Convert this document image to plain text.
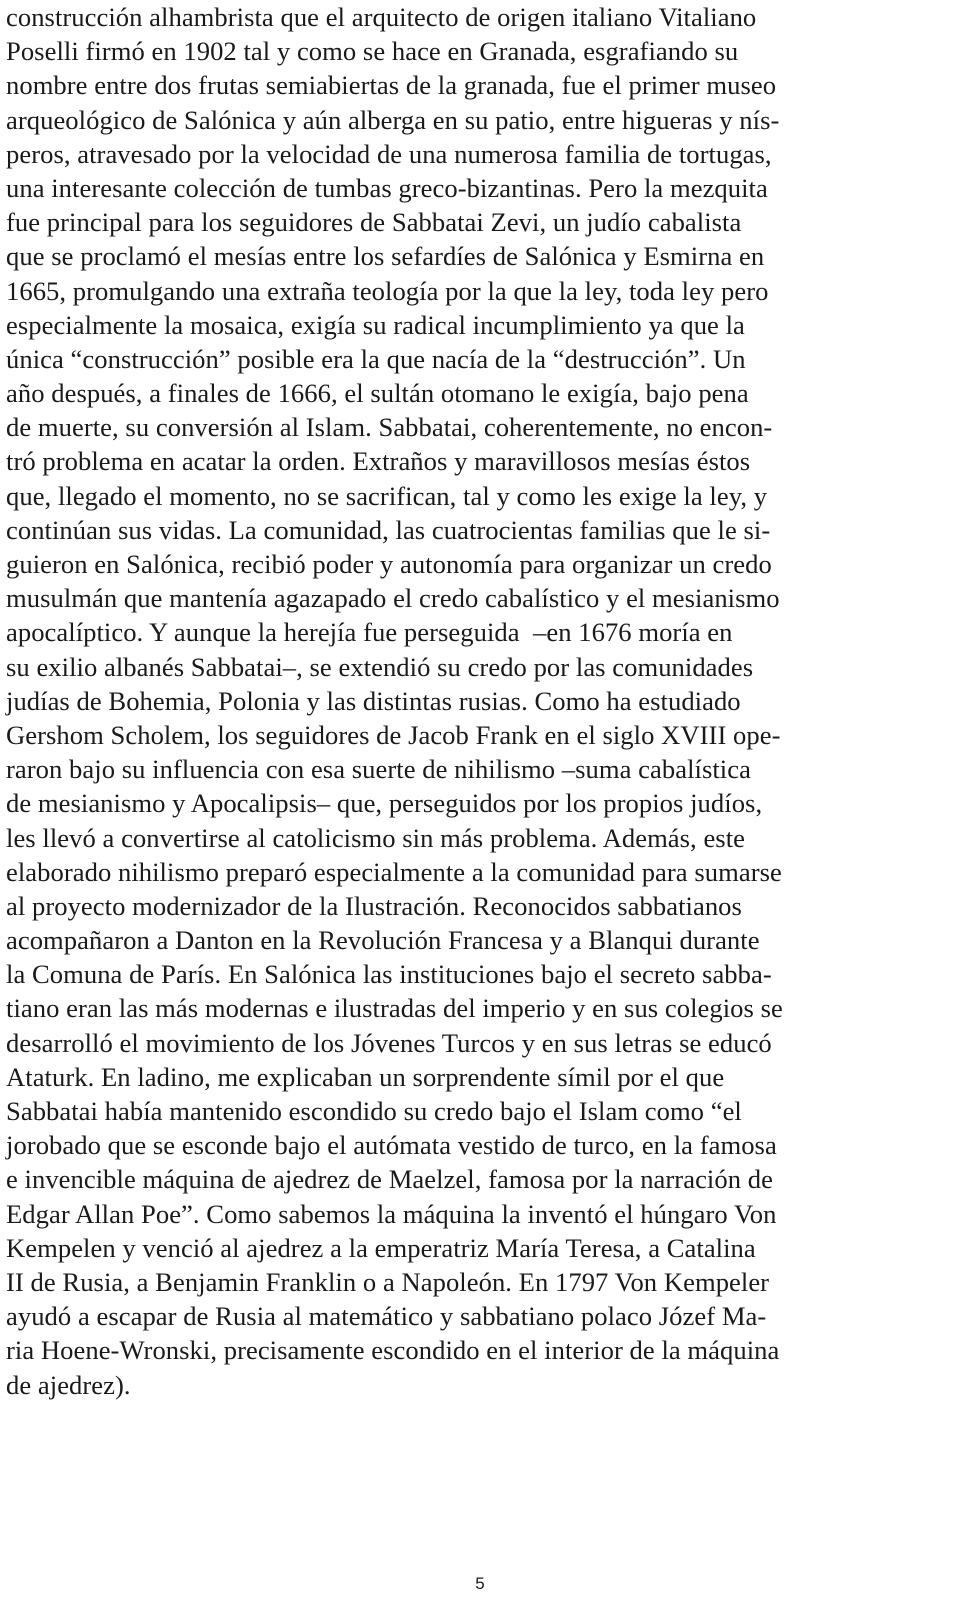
construcción alhambrista que el arquitecto de origen italiano Vitaliano
Poselli firmó en 1902 tal y como se hace en Granada, esgrafiando su
nombre entre dos frutas semiabiertas de la granada, fue el primer museo
arqueológico de Salónica y aún alberga en su patio, entre higueras y nís-
peros, atravesado por la velocidad de una numerosa familia de tortugas,
una interesante colección de tumbas greco-bizantinas. Pero la mezquita
fue principal para los seguidores de Sabbatai Zevi, un judío cabalista
que se proclamó el mesías entre los sefardíes de Salónica y Esmirna en
1665, promulgando una extraña teología por la que la ley, toda ley pero
especialmente la mosaica, exigía su radical incumplimiento ya que la
única “construcción” posible era la que nacía de la “destrucción”. Un
año después, a finales de 1666, el sultán otomano le exigía, bajo pena
de muerte, su conversión al Islam. Sabbatai, coherentemente, no encon-
tró problema en acatar la orden. Extraños y maravillosos mesías éstos
que, llegado el momento, no se sacrifican, tal y como les exige la ley, y
continúan sus vidas. La comunidad, las cuatrocientas familias que le si-
guieron en Salónica, recibió poder y autonomía para organizar un credo
musulmán que mantenía agazapado el credo cabalístico y el mesianismo
apocalíptico. Y aunque la herejía fue perseguida  –en 1676 moría en
su exilio albanés Sabbatai–, se extendió su credo por las comunidades
judías de Bohemia, Polonia y las distintas rusias. Como ha estudiado
Gershom Scholem, los seguidores de Jacob Frank en el siglo XVIII ope-
raron bajo su influencia con esa suerte de nihilismo –suma cabalística
de mesianismo y Apocalipsis– que, perseguidos por los propios judíos,
les llevó a convertirse al catolicismo sin más problema. Además, este
elaborado nihilismo preparó especialmente a la comunidad para sumarse
al proyecto modernizador de la Ilustración. Reconocidos sabbatianos
acompañaron a Danton en la Revolución Francesa y a Blanqui durante
la Comuna de París. En Salónica las instituciones bajo el secreto sabba-
tiano eran las más modernas e ilustradas del imperio y en sus colegios se
desarrolló el movimiento de los Jóvenes Turcos y en sus letras se educó
Ataturk. En ladino, me explicaban un sorprendente símil por el que
Sabbatai había mantenido escondido su credo bajo el Islam como “el
jorobado que se esconde bajo el autómata vestido de turco, en la famosa
e invencible máquina de ajedrez de Maelzel, famosa por la narración de
Edgar Allan Poe”. Como sabemos la máquina la inventó el húngaro Von
Kempelen y venció al ajedrez a la emperatriz María Teresa, a Catalina
II de Rusia, a Benjamin Franklin o a Napoleón. En 1797 Von Kempeler
ayudó a escapar de Rusia al matemático y sabbatiano polaco Józef Ma-
ria Hoene-Wronski, precisamente escondido en el interior de la máquina
de ajedrez).
5
